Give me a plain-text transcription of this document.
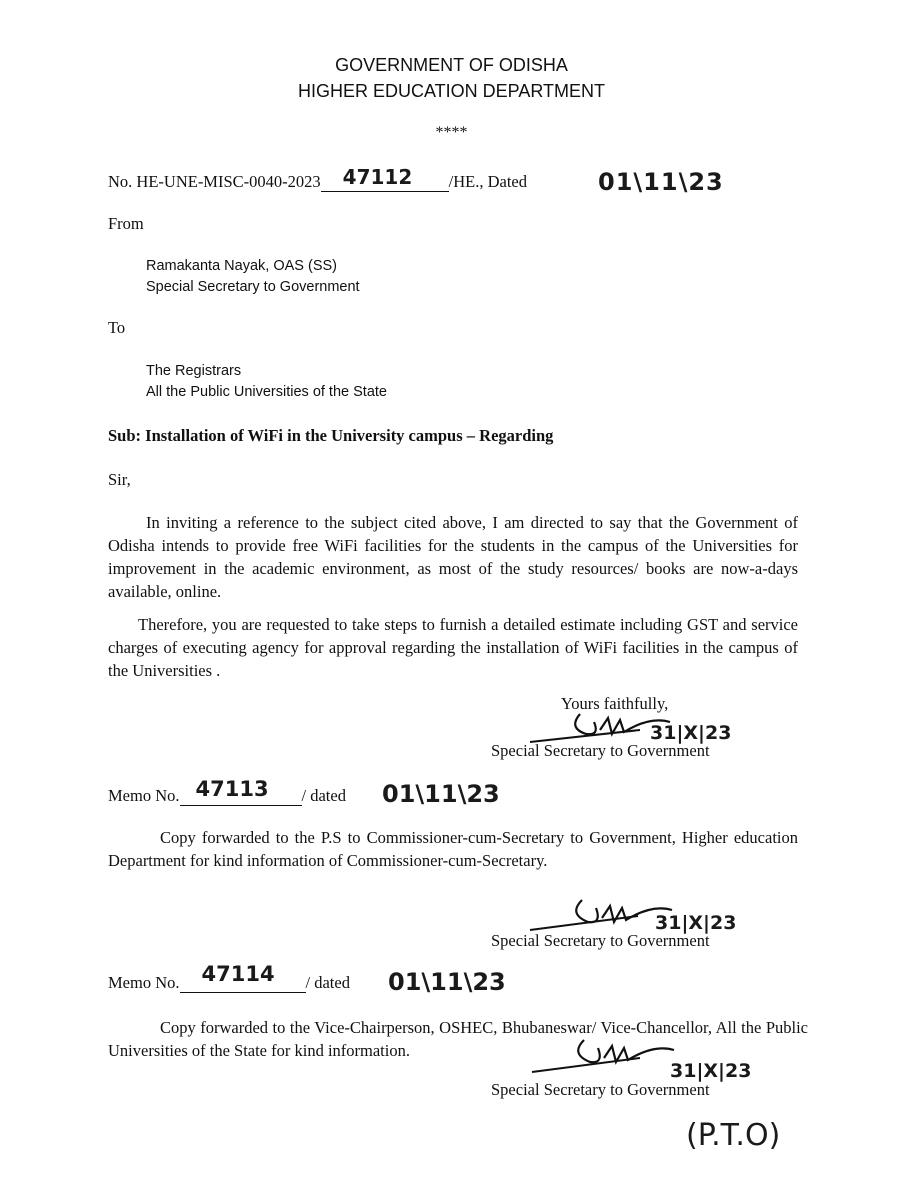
GOVERNMENT OF ODISHA
HIGHER EDUCATION DEPARTMENT
****
No. HE-UNE-MISC-0040-2023 47112 /HE., Dated	01\11\23
From
Ramakanta Nayak, OAS (SS)
Special Secretary to Government
To
The Registrars
All the Public Universities of the State
Sub: Installation of WiFi in the University campus – Regarding
Sir,
In inviting a reference to the subject cited above, I am directed to say that the Government of Odisha intends to provide free WiFi facilities for the students in the campus of the Universities for improvement in the academic environment, as most of the study resources/ books are now-a-days available, online.
Therefore, you are requested to take steps to furnish a detailed estimate including GST and service charges of executing agency for approval regarding the installation of WiFi facilities in the campus of the Universities .
Yours faithfully,
31|X|23
Special Secretary to Government
Memo No. 47113 / dated 01\11\23
Copy forwarded to the P.S to Commissioner-cum-Secretary to Government, Higher education Department for kind information of Commissioner-cum-Secretary.
31|X|23
Special Secretary to Government
Memo No. 47114 / dated 01\11\23
Copy forwarded to the Vice-Chairperson, OSHEC, Bhubaneswar/ Vice-Chancellor, All the Public Universities of the State for kind information.
31|X|23
Special Secretary to Government
(P.T.O)
